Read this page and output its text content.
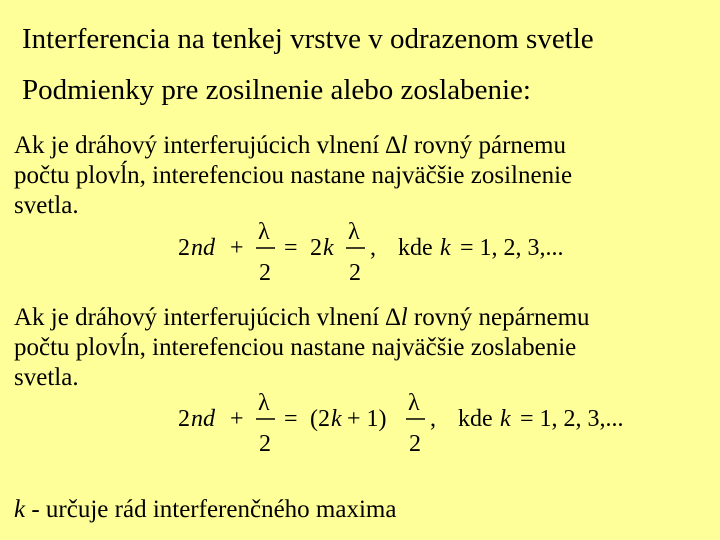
Interferencia na tenkej vrstve v odrazenom svetle
Podmienky pre zosilnenie alebo zoslabenie:
Ak je dráhový interferujúcich vlnení ∆l rovný párnemu
počtu plovĺn, interefenciou nastane najväčšie zosilnenie
svetla.
2 nd +
λ
2
= 2 k
λ
2
, kde k = 1, 2, 3,...
Ak je dráhový interferujúcich vlnení ∆l rovný nepárnemu
počtu plovĺn, interefenciou nastane najväčšie zoslabenie
svetla.
2 nd +
λ
2
= (2 k + 1)
λ
2
, kde k = 1, 2, 3,...
k - určuje rád interferenčného maxima
